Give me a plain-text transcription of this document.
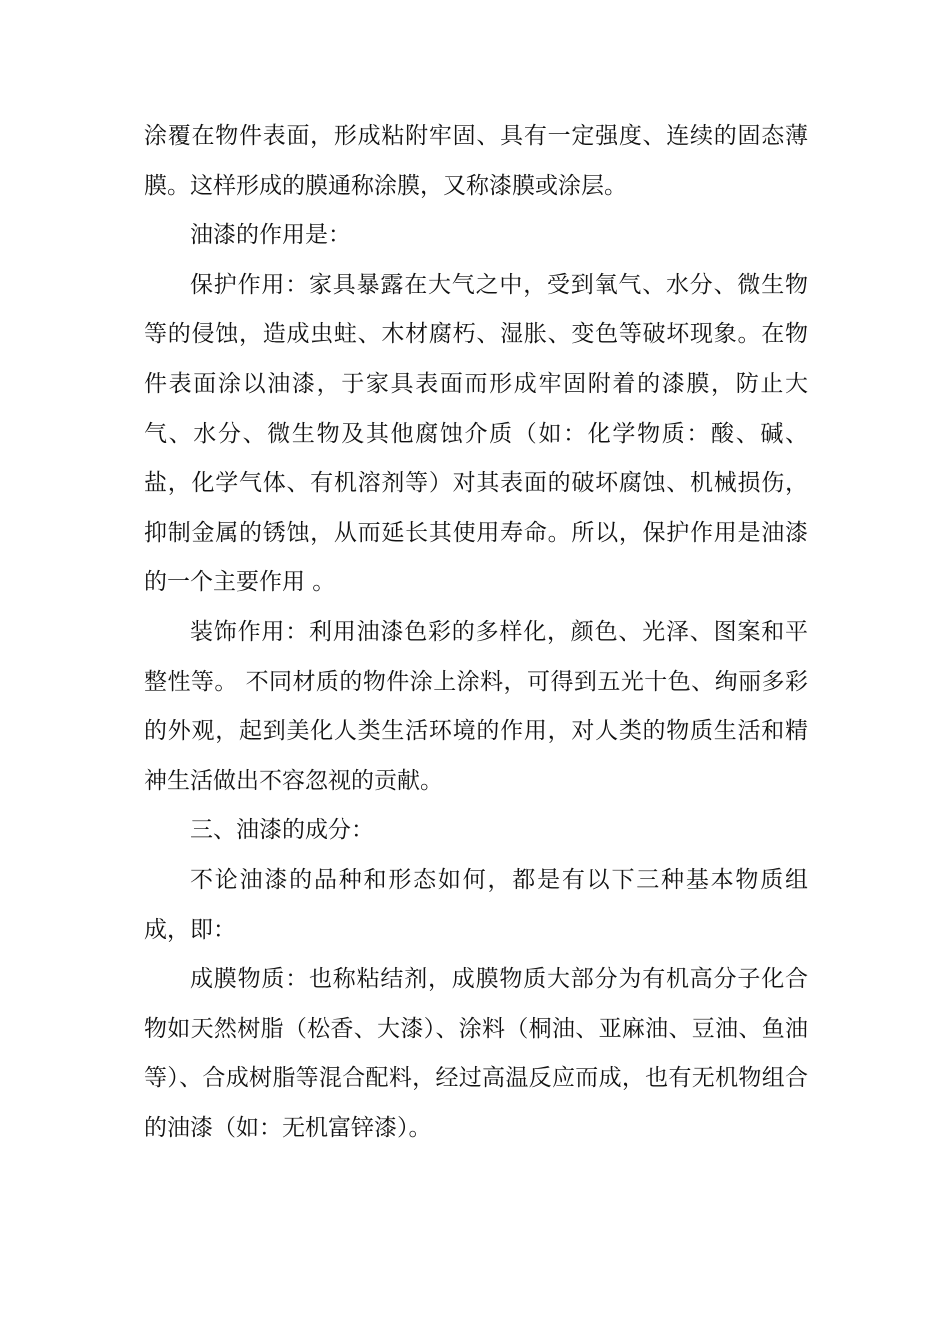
涂覆在物件表面，形成粘附牢固、具有一定强度、连续的固态薄膜。这样形成的膜通称涂膜，又称漆膜或涂层。

油漆的作用是：

保护作用：家具暴露在大气之中，受到氧气、水分、微生物等的侵蚀，造成虫蛀、木材腐朽、湿胀、变色等破坏现象。在物件表面涂以油漆，于家具表面而形成牢固附着的漆膜，防止大气、水分、微生物及其他腐蚀介质（如：化学物质：酸、碱、盐，化学气体、有机溶剂等）对其表面的破坏腐蚀、机械损伤，抑制金属的锈蚀，从而延长其使用寿命。所以，保护作用是油漆的一个主要作用 。

装饰作用：利用油漆色彩的多样化，颜色、光泽、图案和平整性等。 不同材质的物件涂上涂料，可得到五光十色、绚丽多彩的外观，起到美化人类生活环境的作用，对人类的物质生活和精神生活做出不容忽视的贡献。

三、油漆的成分：

不论油漆的品种和形态如何，都是有以下三种基本物质组成，即：

成膜物质：也称粘结剂，成膜物质大部分为有机高分子化合物如天然树脂（松香、大漆）、涂料（桐油、亚麻油、豆油、鱼油等）、合成树脂等混合配料，经过高温反应而成，也有无机物组合的油漆（如：无机富锌漆）。
